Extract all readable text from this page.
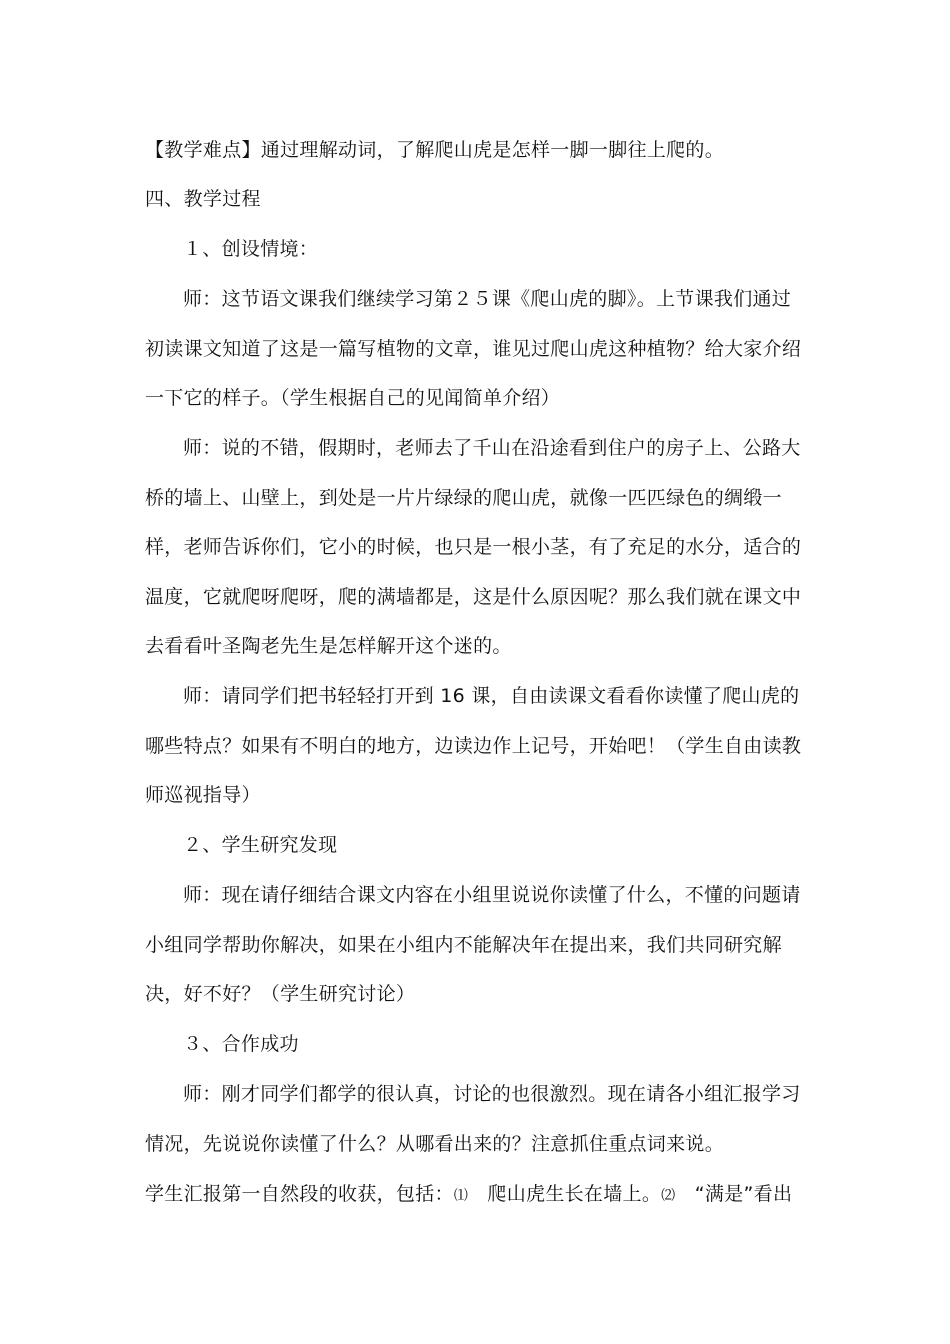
【教学难点】通过理解动词，了解爬山虎是怎样一脚一脚往上爬的。

四、教学过程

１、创设情境：

师：这节语文课我们继续学习第２５课《爬山虎的脚》。上节课我们通过初读课文知道了这是一篇写植物的文章，谁见过爬山虎这种植物？给大家介绍一下它的样子。（学生根据自己的见闻简单介绍）

师：说的不错，假期时，老师去了千山在沿途看到住户的房子上、公路大桥的墙上、山壁上，到处是一片片绿绿的爬山虎，就像一匹匹绿色的绸缎一样，老师告诉你们，它小的时候，也只是一根小茎，有了充足的水分，适合的温度，它就爬呀爬呀，爬的满墙都是，这是什么原因呢？那么我们就在课文中去看看叶圣陶老先生是怎样解开这个迷的。

师：请同学们把书轻轻打开到 16 课，自由读课文看看你读懂了爬山虎的哪些特点？如果有不明白的地方，边读边作上记号，开始吧！（学生自由读教师巡视指导）

２、学生研究发现

师：现在请仔细结合课文内容在小组里说说你读懂了什么，不懂的问题请小组同学帮助你解决，如果在小组内不能解决年在提出来，我们共同研究解决，好不好？（学生研究讨论）

３、合作成功

师：刚才同学们都学的很认真，讨论的也很激烈。现在请各小组汇报学习情况，先说说你读懂了什么？从哪看出来的？注意抓住重点词来说。

学生汇报第一自然段的收获，包括：⑴　爬山虎生长在墙上。⑵　“满是”看出
